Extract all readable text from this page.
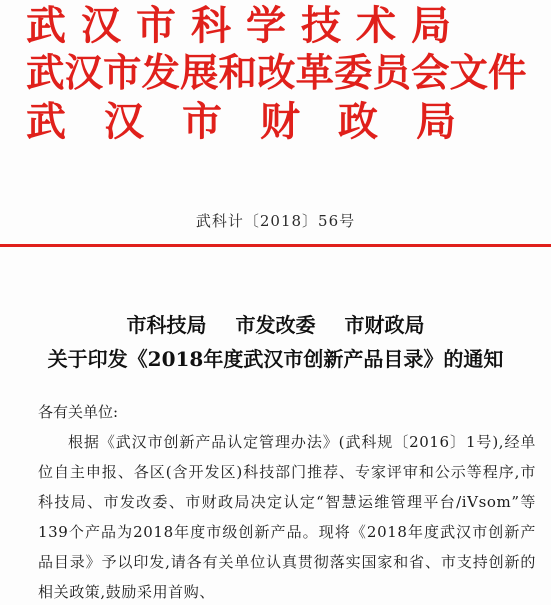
武汉市科学技术局
武汉市发展和改革委员会文件
武汉市财政局
武科计〔2018〕56号
市科技局 市发改委 市财政局
关于印发《2018年度武汉市创新产品目录》的通知

各有关单位:

根据《武汉市创新产品认定管理办法》(武科规〔2016〕1号),经单位自主申报、各区(含开发区)科技部门推荐、专家评审和公示等程序,市科技局、市发改委、市财政局决定认定“智慧运维管理平台/iVsom”等139个产品为2018年度市级创新产品。现将《2018年度武汉市创新产品目录》予以印发,请各有关单位认真贯彻落实国家和省、市支持创新的相关政策,鼓励采用首购、
